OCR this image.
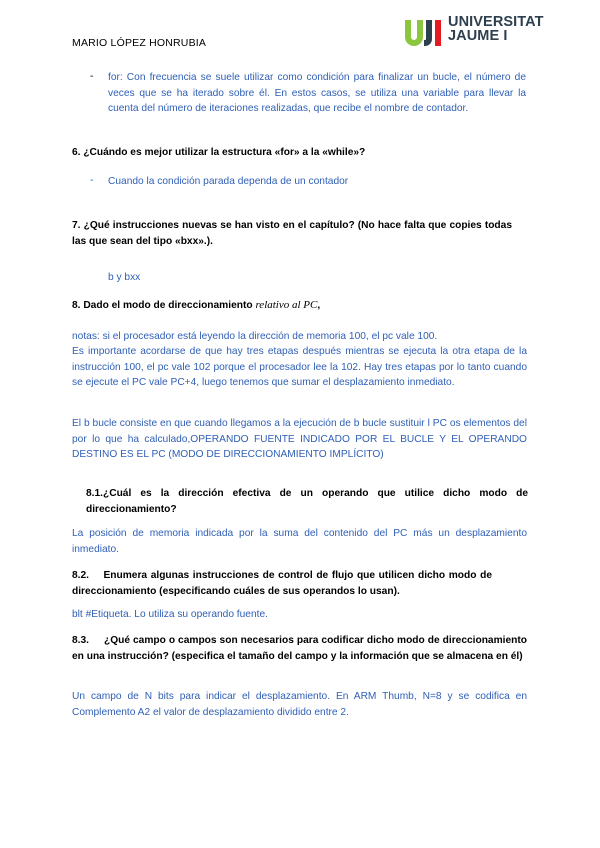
MARIO LÓPEZ HONRUBIA
UNIVERSITAT
JAUME I
- for: Con frecuencia se suele utilizar como condición para finalizar un bucle, el número de veces que se ha iterado sobre él. En estos casos, se utiliza una variable para llevar la cuenta del número de iteraciones realizadas, que recibe el nombre de contador.
6. ¿Cuándo es mejor utilizar la estructura «for» a la «while»?
- Cuando la condición parada dependa de un contador
7. ¿Qué instrucciones nuevas se han visto en el capítulo? (No hace falta que copies todas las que sean del tipo «bxx».).
b y bxx
8. Dado el modo de direccionamiento relativo al PC,
notas: si el procesador está leyendo la dirección de memoria 100, el pc vale 100.
Es importante acordarse de que hay tres etapas después mientras se ejecuta la otra etapa de la instrucción 100, el pc vale 102 porque el procesador lee la 102. Hay tres etapas por lo tanto cuando se ejecute el PC vale PC+4, luego tenemos que sumar el desplazamiento inmediato.
El b bucle consiste en que cuando llegamos a la ejecución de b bucle sustituir l PC os elementos del por lo que ha calculado,OPERANDO FUENTE INDICADO POR EL BUCLE Y EL OPERANDO DESTINO ES EL PC (MODO DE DIRECCIONAMIENTO IMPLÍCITO)
8.1.¿Cuál es la dirección efectiva de un operando que utilice dicho modo de direccionamiento?
La posición de memoria indicada por la suma del contenido del PC más un desplazamiento inmediato.
8.2.    Enumera algunas instrucciones de control de flujo que utilicen dicho modo de direccionamiento (especificando cuáles de sus operandos lo usan).
blt #Etiqueta. Lo utiliza su operando fuente.
8.3.     ¿Qué campo o campos son necesarios para codificar dicho modo de direccionamiento en una instrucción? (especifica el tamaño del campo y la información que se almacena en él)
Un campo de N bits para indicar el desplazamiento. En ARM Thumb, N=8 y se codifica en Complemento A2 el valor de desplazamiento dividido entre 2.
